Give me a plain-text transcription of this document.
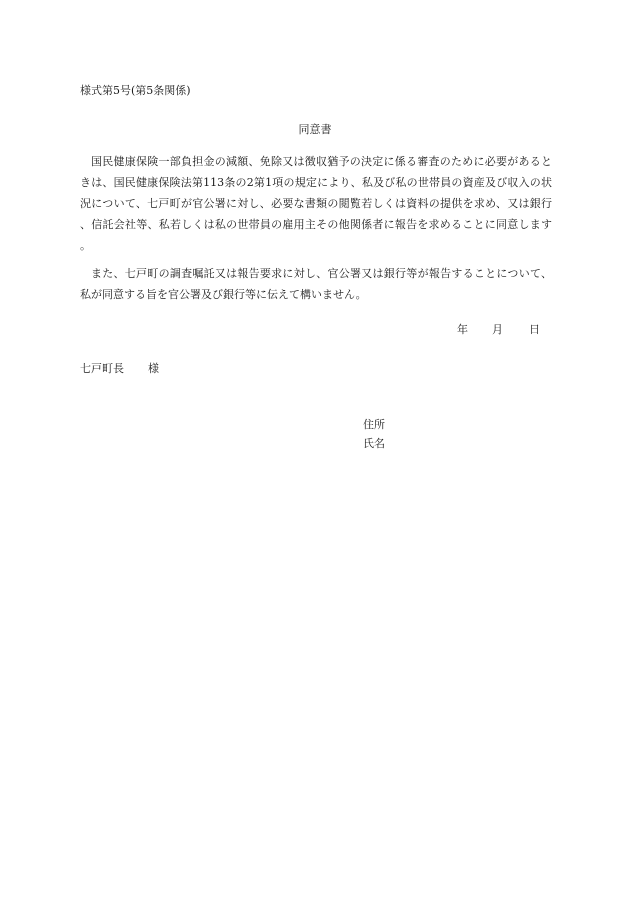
様式第5号(第5条関係)
同意書

国民健康保険一部負担金の減額、免除又は徴収猶予の決定に係る審査のために必要があるときは、国民健康保険法第113条の2第1項の規定により、私及び私の世帯員の資産及び収入の状況について、七戸町が官公署に対し、必要な書類の閲覧若しくは資料の提供を求め、又は銀行、信託会社等、私若しくは私の世帯員の雇用主その他関係者に報告を求めることに同意します。

また、七戸町の調査嘱託又は報告要求に対し、官公署又は銀行等が報告することについて、私が同意する旨を官公署及び銀行等に伝えて構いません。

年 月 日
七戸町長 様
住所
氏名
